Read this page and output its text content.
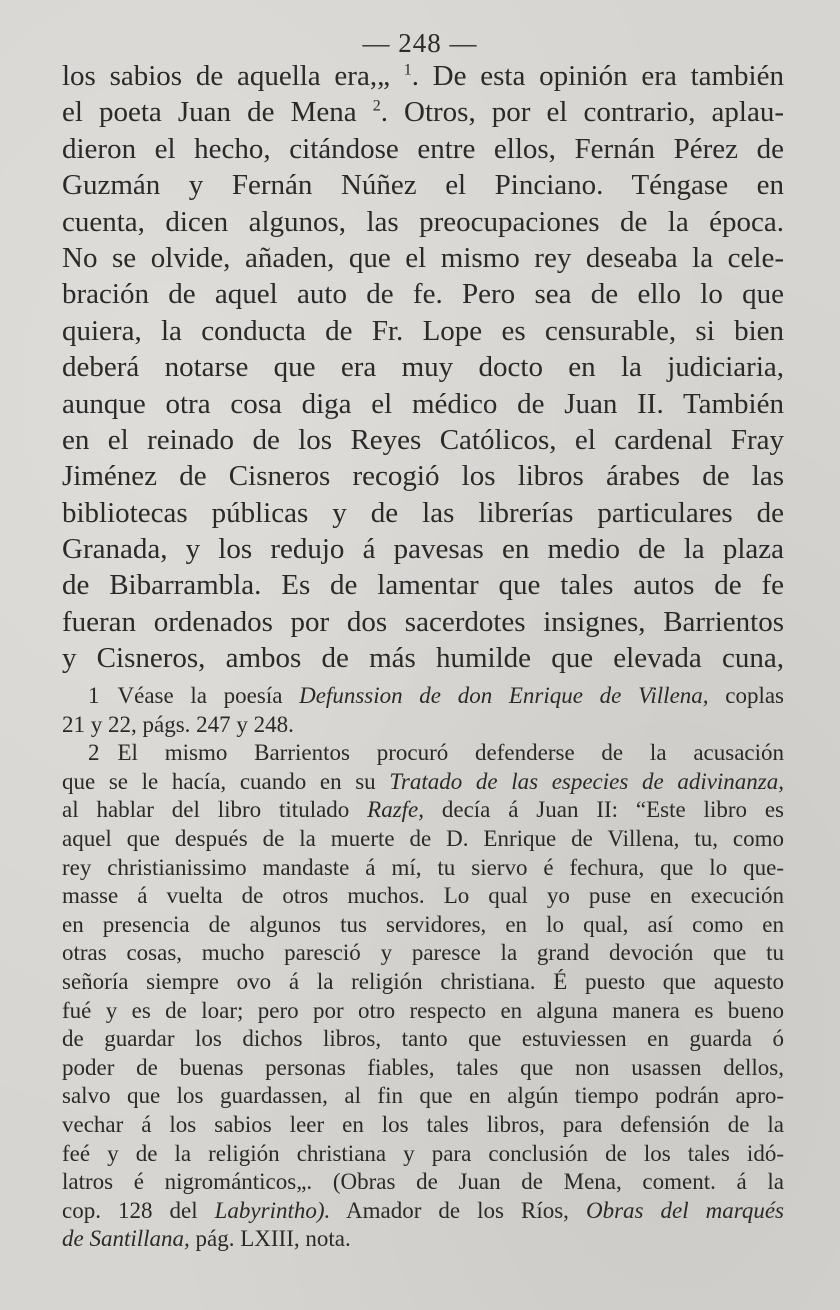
— 248 —
los sabios de aquella era,„ $^1$. De esta opinión era también
el poeta Juan de Mena $^2$. Otros, por el contrario, aplau-
dieron el hecho, citándose entre ellos, Fernán Pérez de
Guzmán y Fernán Núñez el Pinciano. Téngase en
cuenta, dicen algunos, las preocupaciones de la época.
No se olvide, añaden, que el mismo rey deseaba la cele-
bración de aquel auto de fe. Pero sea de ello lo que
quiera, la conducta de Fr. Lope es censurable, si bien
deberá notarse que era muy docto en la judiciaria,
aunque otra cosa diga el médico de Juan II. También
en el reinado de los Reyes Católicos, el cardenal Fray
Jiménez de Cisneros recogió los libros árabes de las
bibliotecas públicas y de las librerías particulares de
Granada, y los redujo á pavesas en medio de la plaza
de Bibarrambla. Es de lamentar que tales autos de fe
fueran ordenados por dos sacerdotes insignes, Barrientos
y Cisneros, ambos de más humilde que elevada cuna,
1 Véase la poesía Defunssion de don Enrique de Villena, coplas
21 y 22, págs. 247 y 248.
2 El mismo Barrientos procuró defenderse de la acusación
que se le hacía, cuando en su Tratado de las especies de adivinanza,
al hablar del libro titulado Razfe, decía á Juan II: “Este libro es
aquel que después de la muerte de D. Enrique de Villena, tu, como
rey christianissimo mandaste á mí, tu siervo é fechura, que lo que-
masse á vuelta de otros muchos. Lo qual yo puse en execución
en presencia de algunos tus servidores, en lo qual, así como en
otras cosas, mucho paresció y paresce la grand devoción que tu
señoría siempre ovo á la religión christiana. É puesto que aquesto
fué y es de loar; pero por otro respecto en alguna manera es bueno
de guardar los dichos libros, tanto que estuviessen en guarda ó
poder de buenas personas fiables, tales que non usassen dellos,
salvo que los guardassen, al fin que en algún tiempo podrán apro-
vechar á los sabios leer en los tales libros, para defensión de la
feé y de la religión christiana y para conclusión de los tales idó-
latros é nigrománticos„. (Obras de Juan de Mena, coment. á la
cop. 128 del Labyrintho). Amador de los Ríos, Obras del marqués
de Santillana, pág. LXIII, nota.
